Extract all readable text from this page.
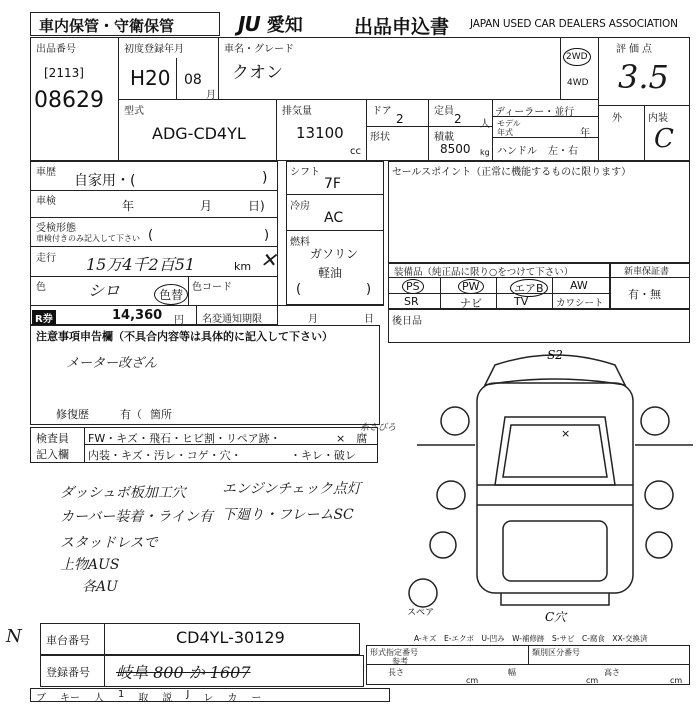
車内保管・守衛保管	JU 愛知	出品申込書 JAPAN USED CAR DEALERS ASSOCIATION
出品番号
[2113]
08629
初度登録年月
H20 08
月
車名・グレード
クオン
2WD
4WD
評価点
3.5
外	内装
C
型式
ADG-CD4YL
排気量
13100
cc
ドア
2
定員
2 人
形状	積載
8500 kg
ディーラー・並行
モデル年式	年
ハンドル 左・右
車歴
自家用・(	)
車検	年	月	日)
受検形態
車検付きのみ記入して下さい (	)
走行 15万4千2百51	km ✕
色	シロ	色替
色コード
R券	14,360 円 名変通知期限	月	日
シフト
7F
冷房
AC
燃料
ガソリン
軽油
(	)
セールスポイント（正常に機能するものに限ります）
装備品（純正品に限り○をつけて下さい）
PS	PW	エアB	AW
SR	ナビ	TV	カワシート
新車保証書
有・無
後日品
注意事項申告欄（不具合内容等は具体的に記入して下さい）
メーター改ざん
修復歴	有（ 箇所
検査員
記入欄
FW・キズ・飛石・ヒビ割・リペア跡・	×　腐
糸さびろ
内装・キズ・汚レ・コゲ・穴・	・キレ・破レ
ダッシュボ板加工穴	エンジンチェック点灯
カーバー装着・ライン有 下廻り・フレームSC
スタッドレスで
上物AUS
各AU
S2
×
スペア	C穴
A-キズ　E-エクボ　U-凹み　W-補修跡　S-サビ　C-腐食　XX-交換済
N 車台番号	CD4YL-30129
登録番号 岐阜 800 か 1607
形式指定番号
参考
類別区分番号
長さ
cm
幅
cm
高さ
cm
ブ キー 人 1 取 説 J レ カ ー
